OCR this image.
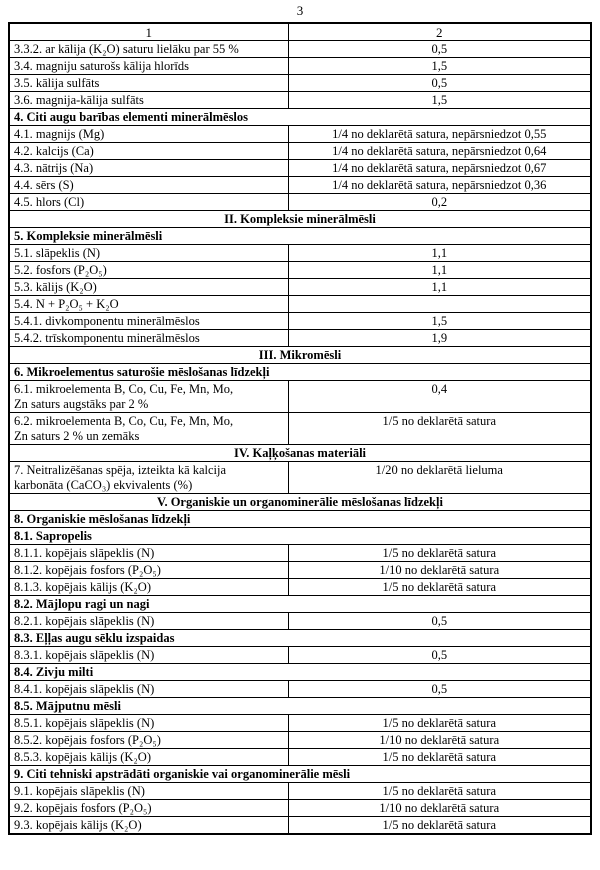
3
1	2
3.3.2. ar kālija (K₂O) saturu lielāku par 55 %	0,5
3.4. magniju saturošs kālija hlorīds	1,5
3.5. kālija sulfāts	0,5
3.6. magnija-kālija sulfāts	1,5
4. Citi augu barības elementi minerālmēslos	
4.1. magnijs (Mg)	1/4 no deklarētā satura, nepārsniedzot 0,55
4.2. kalcijs (Ca)	1/4 no deklarētā satura, nepārsniedzot 0,64
4.3. nātrijs (Na)	1/4 no deklarētā satura, nepārsniedzot 0,67
4.4. sērs (S)	1/4 no deklarētā satura, nepārsniedzot 0,36
4.5. hlors (Cl)	0,2
II. Kompleksie minerālmēsli	
5. Kompleksie minerālmēsli	
5.1. slāpeklis (N)	1,1
5.2. fosfors (P₂O₅)	1,1
5.3. kālijs (K₂O)	1,1
5.4. N + P₂O₅ + K₂O	
5.4.1. divkomponentu minerālmēslos	1,5
5.4.2. trīskomponentu minerālmēslos	1,9
III. Mikromēsli	
6. Mikroelementus saturošie mēslošanas līdzekļi	

6.1. mikroelementa B, Co, Cu, Fe, Mn, Mo,
Zn saturs augstāks par 2 %	0,4

6.2. mikroelementa B, Co, Cu, Fe, Mn, Mo,
Zn saturs 2 % un zemāks	1/5 no deklarētā satura
IV. Kaļķošanas materiāli	

7. Neitralizēšanas spēja, izteikta kā kalcija
karbonāta (CaCO₃) ekvivalents (%)	1/20 no deklarētā lieluma
V. Organiskie un organominerālie mēslošanas līdzekļi	
8. Organiskie mēslošanas līdzekļi	
8.1. Sapropelis	
8.1.1. kopējais slāpeklis (N)	1/5 no deklarētā satura
8.1.2. kopējais fosfors (P₂O₅)	1/10 no deklarētā satura
8.1.3. kopējais kālijs (K₂O)	1/5 no deklarētā satura
8.2. Mājlopu ragi un nagi	
8.2.1. kopējais slāpeklis (N)	0,5
8.3. Eļļas augu sēklu izspaidas	
8.3.1. kopējais slāpeklis (N)	0,5
8.4. Zivju milti	
8.4.1. kopējais slāpeklis (N)	0,5
8.5. Mājputnu mēsli	
8.5.1. kopējais slāpeklis (N)	1/5 no deklarētā satura
8.5.2. kopējais fosfors (P₂O₅)	1/10 no deklarētā satura
8.5.3. kopējais kālijs (K₂O)	1/5 no deklarētā satura
9. Citi tehniski apstrādāti organiskie vai organominerālie mēsli	
9.1. kopējais slāpeklis (N)	1/5 no deklarētā satura
9.2. kopējais fosfors (P₂O₅)	1/10 no deklarētā satura
9.3. kopējais kālijs (K₂O)	1/5 no deklarētā satura
